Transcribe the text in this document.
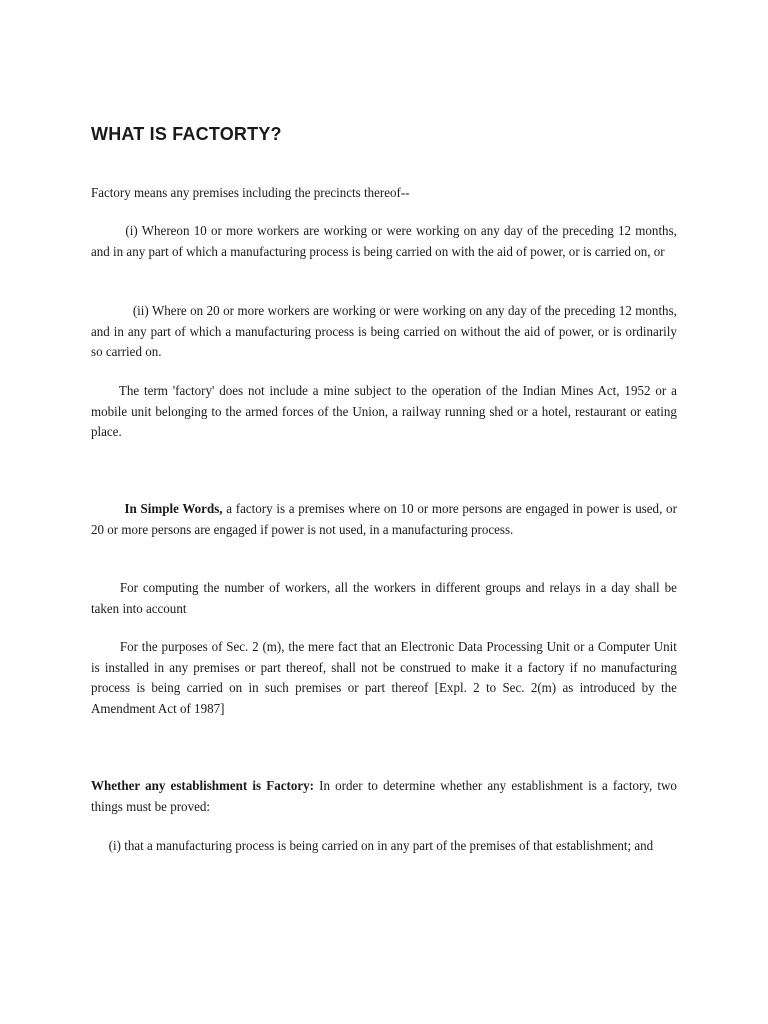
WHAT IS FACTORTY?

Factory means any premises including the precincts thereof--

(i) Whereon 10 or more workers are working or were working on any day of the preceding 12 months, and in any part of which a manufacturing process is being carried on with the aid of power, or is carried on, or

(ii) Where on 20 or more workers are working or were working on any day of the preceding 12 months, and in any part of which a manufacturing process is being carried on without the aid of power, or is ordinarily so carried on.

The term 'factory' does not include a mine subject to the operation of the Indian Mines Act, 1952 or a mobile unit belonging to the armed forces of the Union, a railway running shed or a hotel, restaurant or eating place.

In Simple Words, a factory is a premises where on 10 or more persons are engaged in power is used, or 20 or more persons are engaged if power is not used, in a manufacturing process.

For computing the number of workers, all the workers in different groups and relays in a day shall be taken into account

For the purposes of Sec. 2 (m), the mere fact that an Electronic Data Processing Unit or a Computer Unit is installed in any premises or part thereof, shall not be construed to make it a factory if no manufacturing process is being carried on in such premises or part thereof [Expl. 2 to Sec. 2(m) as introduced by the Amendment Act of 1987]

Whether any establishment is Factory: In order to determine whether any establishment is a factory, two things must be proved:

(i) that a manufacturing process is being carried on in any part of the premises of that establishment; and
